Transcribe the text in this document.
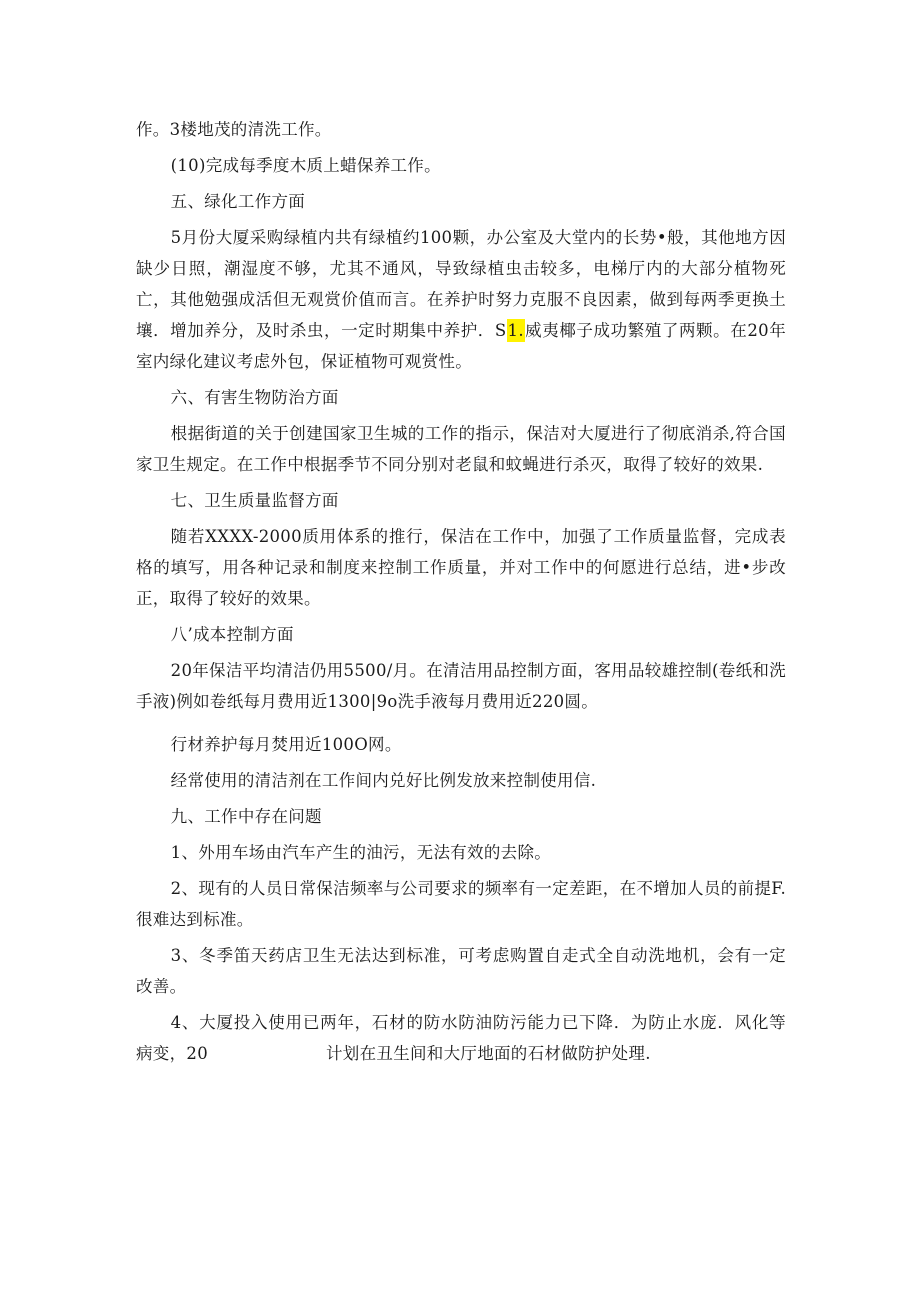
作。3楼地茂的清洗工作。

(10)完成每季度木质上蜡保养工作。

五、绿化工作方面

5月份大厦采购绿植内共有绿植约100颗，办公室及大堂内的长势•般，其他地方因缺少日照，潮湿度不够，尤其不通风，导致绿植虫击较多，电梯厅内的大部分植物死亡，其他勉强成活但无观赏价值而言。在养护时努力克服不良因素，做到每两季更换土壤．增加养分，及时杀虫，一定时期集中养护．S1.威夷椰子成功繁殖了两颗。在20年室内绿化建议考虑外包，保证植物可观赏性。

六、有害生物防治方面

根据街道的关于创建国家卫生城的工作的指示，保洁对大厦进行了彻底消杀,符合国家卫生规定。在工作中根据季节不同分别对老鼠和蚊蝇进行杀灭，取得了较好的效果.

七、卫生质量监督方面

随若XXXX-2000质用体系的推行，保洁在工作中，加强了工作质量监督，完成表格的填写，用各种记录和制度来控制工作质量，并对工作中的何愿进行总结，进•步改正，取得了较好的效果。

八’成本控制方面

20年保洁平均清洁仍用5500/月。在清洁用品控制方面，客用品较雄控制(卷纸和洗手液)例如卷纸每月费用近1300|9o洗手液每月费用近220圆。

行材养护每月焚用近100O网。

经常使用的清洁剂在工作间内兑好比例发放来控制使用信.

九、工作中存在问题

1、外用车场由汽车产生的油污，无法有效的去除。

2、现有的人员日常保洁频率与公司要求的频率有一定差距，在不增加人员的前提F.很难达到标准。

3、冬季笛天药店卫生无法达到标准，可考虑购置自走式全自动洗地机，会有一定改善。

4、大厦投入使用已两年，石材的防水防油防污能力已下降．为防止水庞．风化等病变，20	计划在丑生间和大厅地面的石材做防护处理.
